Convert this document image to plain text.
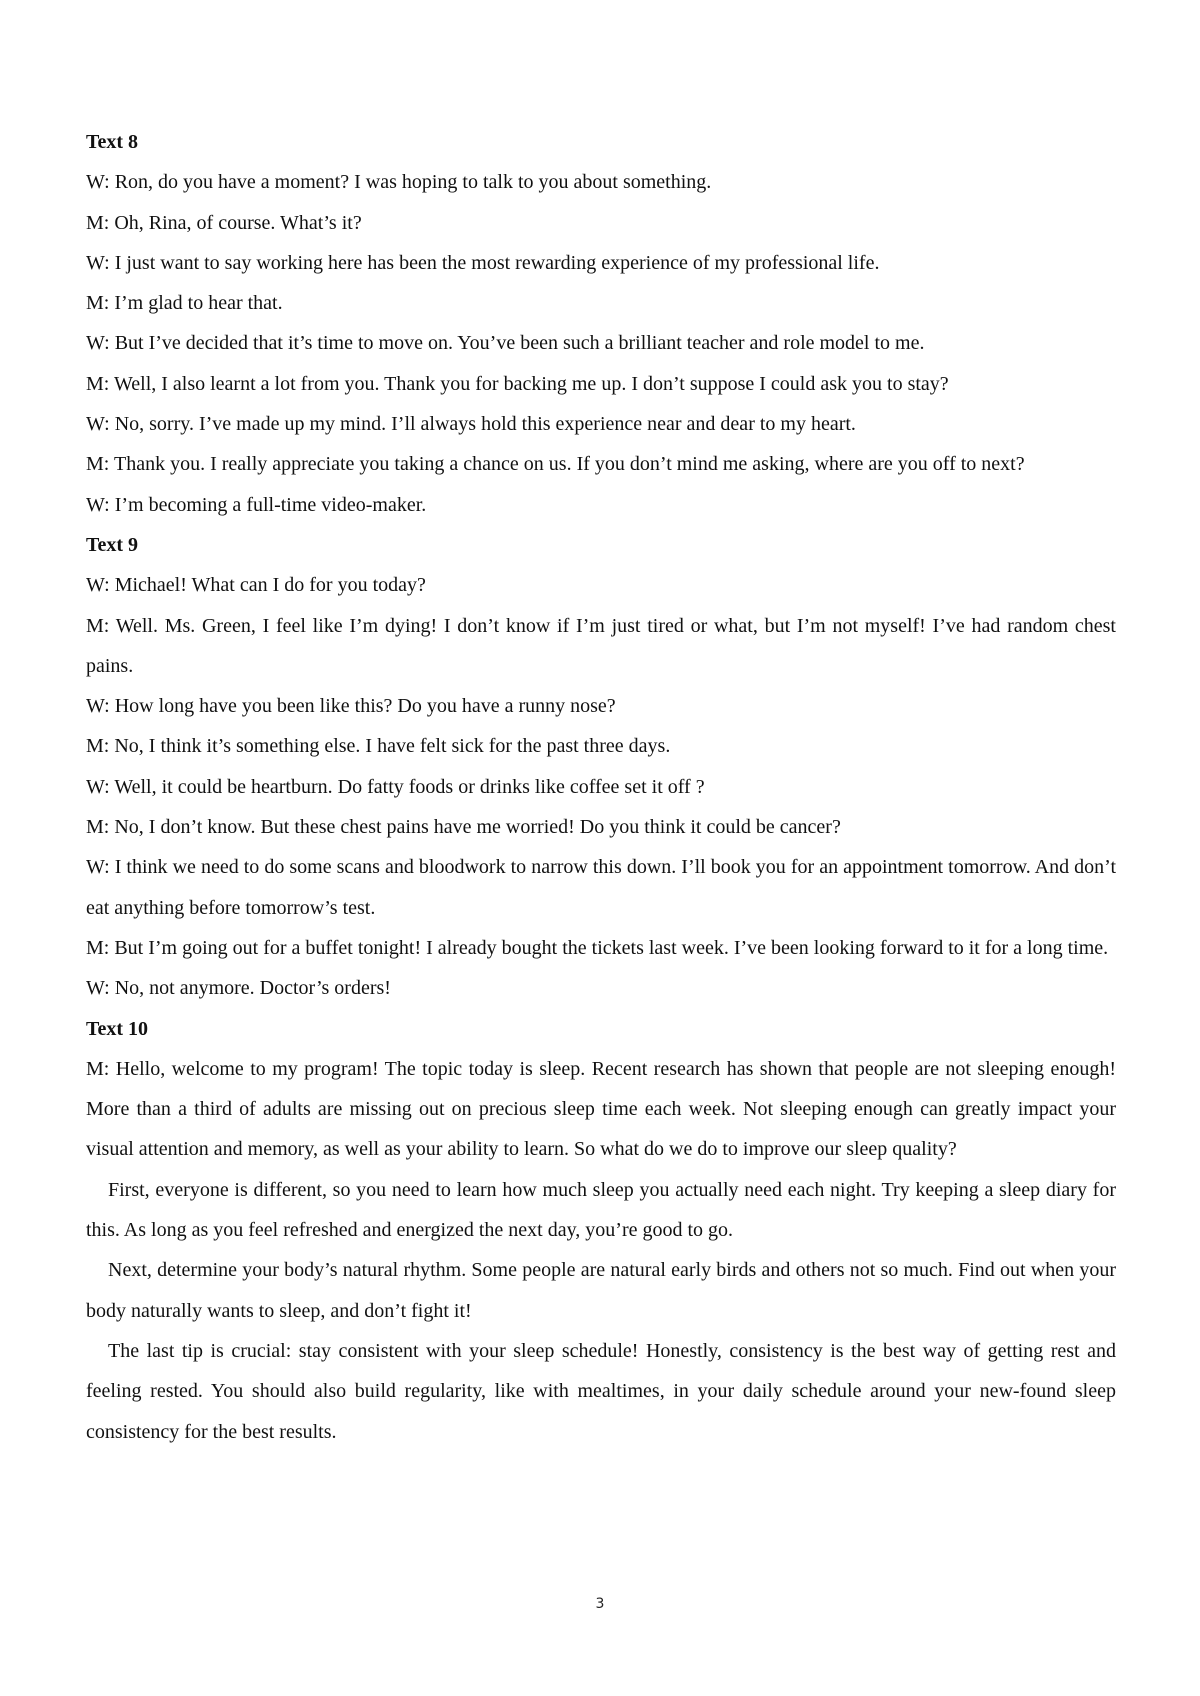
Text 8

W: Ron, do you have a moment? I was hoping to talk to you about something.

M: Oh, Rina, of course. What’s it?

W: I just want to say working here has been the most rewarding experience of my professional life.

M: I’m glad to hear that.

W: But I’ve decided that it’s time to move on. You’ve been such a brilliant teacher and role model to me.

M: Well, I also learnt a lot from you. Thank you for backing me up. I don’t suppose I could ask you to stay?

W: No, sorry. I’ve made up my mind. I’ll always hold this experience near and dear to my heart.

M: Thank you. I really appreciate you taking a chance on us. If you don’t mind me asking, where are you off to next?

W: I’m becoming a full-time video-maker.

Text 9

W: Michael! What can I do for you today?

M: Well. Ms. Green, I feel like I’m dying! I don’t know if I’m just tired or what, but I’m not myself! I’ve had random chest pains.

W: How long have you been like this? Do you have a runny nose?

M: No, I think it’s something else. I have felt sick for the past three days.

W: Well, it could be heartburn. Do fatty foods or drinks like coffee set it off ?

M: No, I don’t know. But these chest pains have me worried! Do you think it could be cancer?

W: I think we need to do some scans and bloodwork to narrow this down. I’ll book you for an appointment tomorrow. And don’t eat anything before tomorrow’s test.

M: But I’m going out for a buffet tonight! I already bought the tickets last week. I’ve been looking forward to it for a long time.

W: No, not anymore. Doctor’s orders!

Text 10

M: Hello, welcome to my program! The topic today is sleep. Recent research has shown that people are not sleeping enough! More than a third of adults are missing out on precious sleep time each week. Not sleeping enough can greatly impact your visual attention and memory, as well as your ability to learn. So what do we do to improve our sleep quality?

First, everyone is different, so you need to learn how much sleep you actually need each night. Try keeping a sleep diary for this. As long as you feel refreshed and energized the next day, you’re good to go.

Next, determine your body’s natural rhythm. Some people are natural early birds and others not so much. Find out when your body naturally wants to sleep, and don’t fight it!

The last tip is crucial: stay consistent with your sleep schedule! Honestly, consistency is the best way of getting rest and feeling rested. You should also build regularity, like with mealtimes, in your daily schedule around your new-found sleep consistency for the best results.

3
